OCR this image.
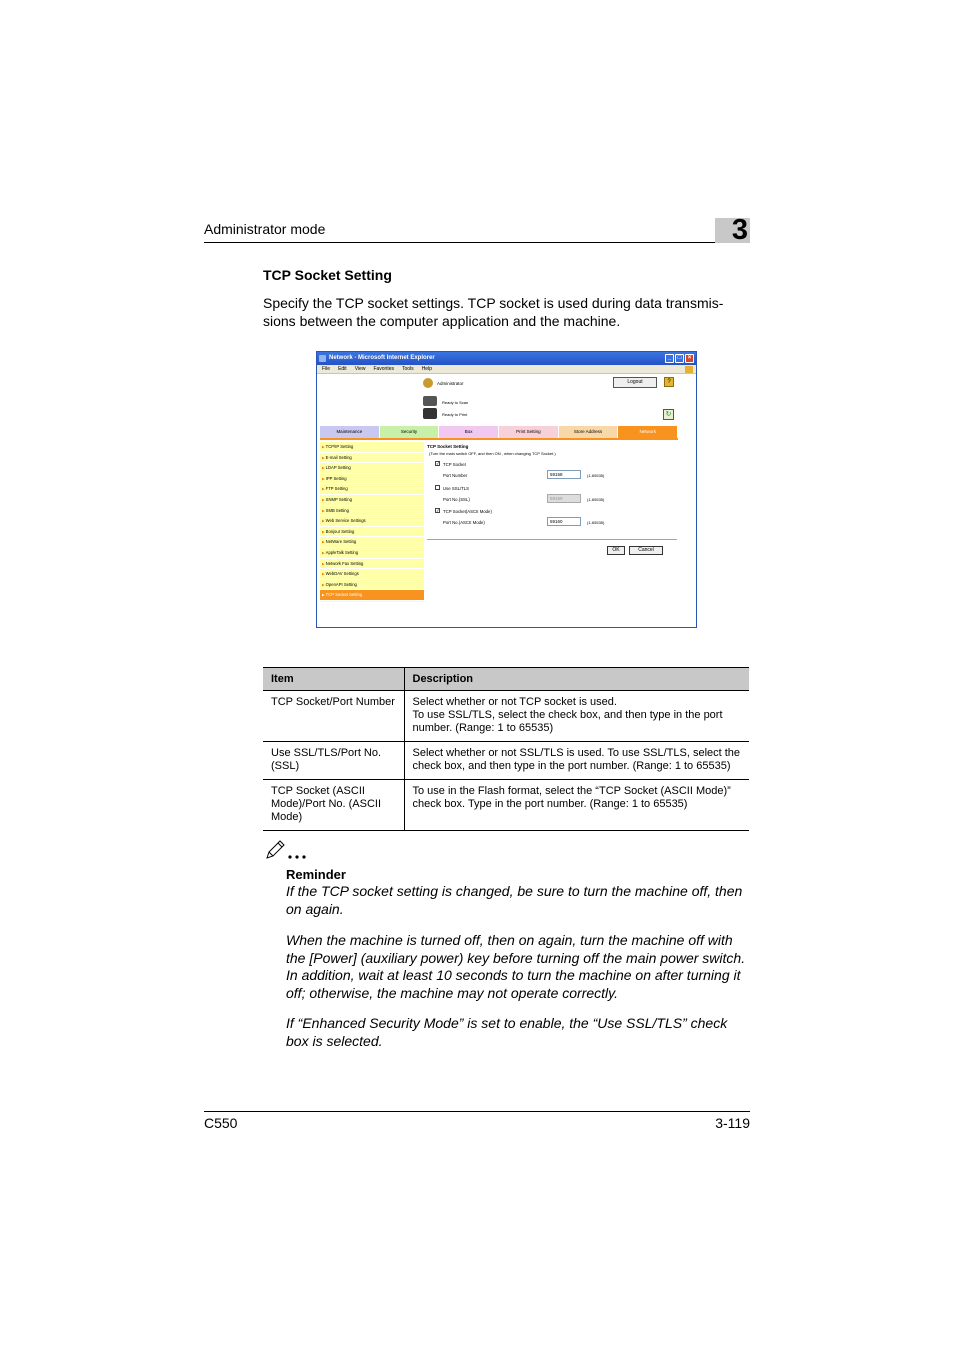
Administrator mode	3
TCP Socket Setting
Specify the TCP socket settings. TCP socket is used during data transmis- sions between the computer application and the machine.
Network - Microsoft Internet Explorer	_	□	×
File Edit View Favorites Tools Help
Administrator	Logout	?
Ready to Scan
Ready to Print	↻
Maintenance	Security	Box	Print Setting	Store Address	Network
▶ TCP/IP Setting
▶ E-mail Setting
▶ LDAP Setting
▶ IPP Setting
▶ FTP Setting
▶ SNMP Setting
▶ SMB Setting
▶ Web Service Settings
▶ Bonjour Setting
▶ NetWare Setting
▶ AppleTalk Setting
▶ Network Fax Setting
▶ WebDAV Settings
▶ OpenAPI Setting
▶ TCP Socket Setting
TCP Socket Setting
(Turn the main switch OFF, and then ON , when changing TCP Socket.)
✓ TCP Socket
Port Number	59158	(1-65535)
Use SSL/TLS
Port No.(SSL)	59159	(1-65535)
✓ TCP Socket(ASCII Mode)
Port No.(ASCII Mode)	59160	(1-65535)
OK	Cancel
Item	Description
TCP Socket/Port Number	Select whether or not TCP socket is used.
To use SSL/TLS, select the check box, and then type in the port number. (Range: 1 to 65535)
Use SSL/TLS/Port No. (SSL)	Select whether or not SSL/TLS is used. To use SSL/TLS, select the check box, and then type in the port number. (Range: 1 to 65535)
TCP Socket (ASCII Mode)/Port No. (ASCII Mode)	To use in the Flash format, select the “TCP Socket (ASCII Mode)” check box. Type in the port number. (Range: 1 to 65535)
Reminder
If the TCP socket setting is changed, be sure to turn the machine off, then on again.
When the machine is turned off, then on again, turn the machine off with the [Power] (auxiliary power) key before turning off the main power switch. In addition, wait at least 10 seconds to turn the machine on after turning it off; otherwise, the machine may not operate correctly.
If “Enhanced Security Mode” is set to enable, the “Use SSL/TLS” check box is selected.
C550	3-119
